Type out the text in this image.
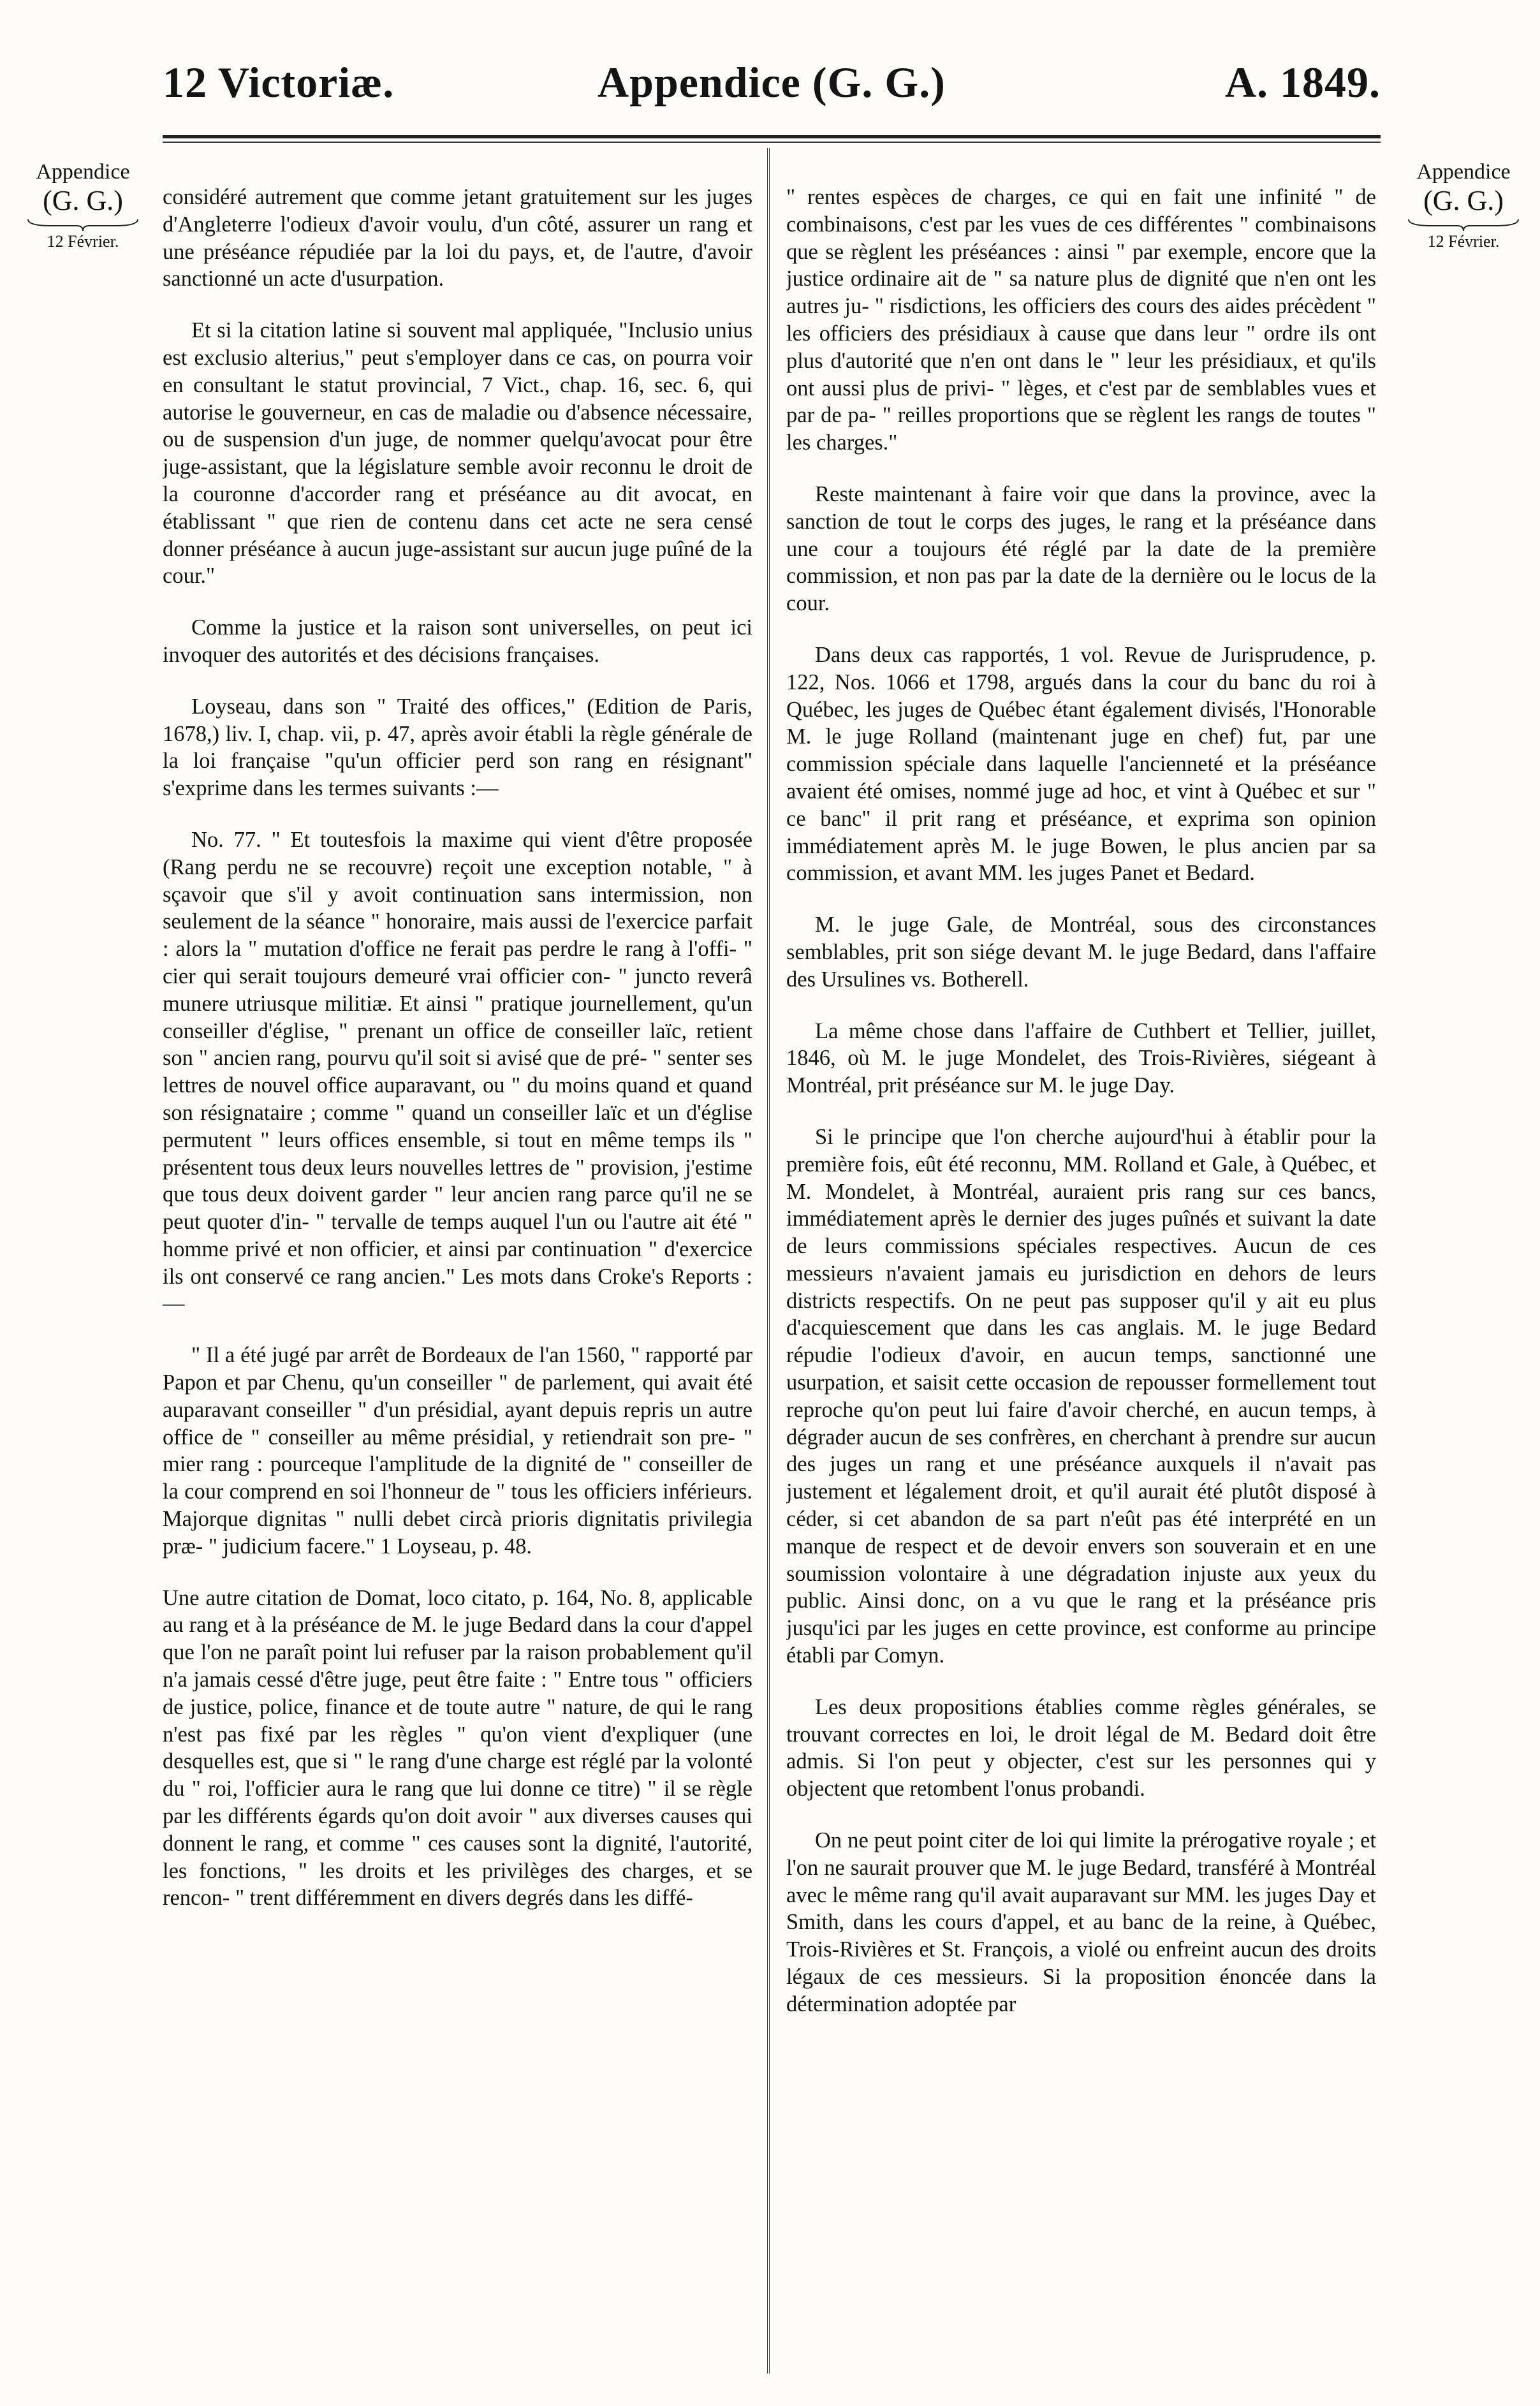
12 Victoriæ.	Appendice (G. G.)	A. 1849.
Appendice
(G. G.)
12 Février.
Appendice
(G. G.)
12 Février.

considéré autrement que comme jetant gratuitement sur les juges d'Angleterre l'odieux d'avoir voulu, d'un côté, assurer un rang et une préséance répudiée par la loi du pays, et, de l'autre, d'avoir sanctionné un acte d'usurpation.

Et si la citation latine si souvent mal appliquée, "Inclusio unius est exclusio alterius," peut s'employer dans ce cas, on pourra voir en consultant le statut provincial, 7 Vict., chap. 16, sec. 6, qui autorise le gouverneur, en cas de maladie ou d'absence nécessaire, ou de suspension d'un juge, de nommer quelqu'avocat pour être juge-assistant, que la législature semble avoir reconnu le droit de la couronne d'accorder rang et préséance au dit avocat, en établissant " que rien de contenu dans cet acte ne sera censé donner préséance à aucun juge-assistant sur aucun juge puîné de la cour."

Comme la justice et la raison sont universelles, on peut ici invoquer des autorités et des décisions françaises.

Loyseau, dans son " Traité des offices," (Edition de Paris, 1678,) liv. I, chap. vii, p. 47, après avoir établi la règle générale de la loi française "qu'un officier perd son rang en résignant" s'exprime dans les termes suivants :—

No. 77. " Et toutesfois la maxime qui vient d'être proposée (Rang perdu ne se recouvre) reçoit une exception notable, " à sçavoir que s'il y avoit continuation sans intermission, non seulement de la séance " honoraire, mais aussi de l'exercice parfait : alors la " mutation d'office ne ferait pas perdre le rang à l'offi- " cier qui serait toujours demeuré vrai officier con- " juncto reverâ munere utriusque militiæ. Et ainsi " pratique journellement, qu'un conseiller d'église, " prenant un office de conseiller laïc, retient son " ancien rang, pourvu qu'il soit si avisé que de pré- " senter ses lettres de nouvel office auparavant, ou " du moins quand et quand son résignataire ; comme " quand un conseiller laïc et un d'église permutent " leurs offices ensemble, si tout en même temps ils " présentent tous deux leurs nouvelles lettres de " provision, j'estime que tous deux doivent garder " leur ancien rang parce qu'il ne se peut quoter d'in- " tervalle de temps auquel l'un ou l'autre ait été " homme privé et non officier, et ainsi par continuation " d'exercice ils ont conservé ce rang ancien." Les mots dans Croke's Reports :—

" Il a été jugé par arrêt de Bordeaux de l'an 1560, " rapporté par Papon et par Chenu, qu'un conseiller " de parlement, qui avait été auparavant conseiller " d'un présidial, ayant depuis repris un autre office de " conseiller au même présidial, y retiendrait son pre- " mier rang : pourceque l'amplitude de la dignité de " conseiller de la cour comprend en soi l'honneur de " tous les officiers inférieurs. Majorque dignitas " nulli debet circà prioris dignitatis privilegia præ- " judicium facere." 1 Loyseau, p. 48.

Une autre citation de Domat, loco citato, p. 164, No. 8, applicable au rang et à la préséance de M. le juge Bedard dans la cour d'appel que l'on ne paraît point lui refuser par la raison probablement qu'il n'a jamais cessé d'être juge, peut être faite : " Entre tous " officiers de justice, police, finance et de toute autre " nature, de qui le rang n'est pas fixé par les règles " qu'on vient d'expliquer (une desquelles est, que si " le rang d'une charge est réglé par la volonté du " roi, l'officier aura le rang que lui donne ce titre) " il se règle par les différents égards qu'on doit avoir " aux diverses causes qui donnent le rang, et comme " ces causes sont la dignité, l'autorité, les fonctions, " les droits et les privilèges des charges, et se rencon- " trent différemment en divers degrés dans les diffé-

" rentes espèces de charges, ce qui en fait une infinité " de combinaisons, c'est par les vues de ces différentes " combinaisons que se règlent les préséances : ainsi " par exemple, encore que la justice ordinaire ait de " sa nature plus de dignité que n'en ont les autres ju- " risdictions, les officiers des cours des aides précèdent " les officiers des présidiaux à cause que dans leur " ordre ils ont plus d'autorité que n'en ont dans le " leur les présidiaux, et qu'ils ont aussi plus de privi- " lèges, et c'est par de semblables vues et par de pa- " reilles proportions que se règlent les rangs de toutes " les charges."

Reste maintenant à faire voir que dans la province, avec la sanction de tout le corps des juges, le rang et la préséance dans une cour a toujours été réglé par la date de la première commission, et non pas par la date de la dernière ou le locus de la cour.

Dans deux cas rapportés, 1 vol. Revue de Jurisprudence, p. 122, Nos. 1066 et 1798, argués dans la cour du banc du roi à Québec, les juges de Québec étant également divisés, l'Honorable M. le juge Rolland (maintenant juge en chef) fut, par une commission spéciale dans laquelle l'ancienneté et la préséance avaient été omises, nommé juge ad hoc, et vint à Québec et sur " ce banc" il prit rang et préséance, et exprima son opinion immédiatement après M. le juge Bowen, le plus ancien par sa commission, et avant MM. les juges Panet et Bedard.

M. le juge Gale, de Montréal, sous des circonstances semblables, prit son siége devant M. le juge Bedard, dans l'affaire des Ursulines vs. Botherell.

La même chose dans l'affaire de Cuthbert et Tellier, juillet, 1846, où M. le juge Mondelet, des Trois-Rivières, siégeant à Montréal, prit préséance sur M. le juge Day.

Si le principe que l'on cherche aujourd'hui à établir pour la première fois, eût été reconnu, MM. Rolland et Gale, à Québec, et M. Mondelet, à Montréal, auraient pris rang sur ces bancs, immédiatement après le dernier des juges puînés et suivant la date de leurs commissions spéciales respectives. Aucun de ces messieurs n'avaient jamais eu jurisdiction en dehors de leurs districts respectifs. On ne peut pas supposer qu'il y ait eu plus d'acquiescement que dans les cas anglais. M. le juge Bedard répudie l'odieux d'avoir, en aucun temps, sanctionné une usurpation, et saisit cette occasion de repousser formellement tout reproche qu'on peut lui faire d'avoir cherché, en aucun temps, à dégrader aucun de ses confrères, en cherchant à prendre sur aucun des juges un rang et une préséance auxquels il n'avait pas justement et légalement droit, et qu'il aurait été plutôt disposé à céder, si cet abandon de sa part n'eût pas été interprété en un manque de respect et de devoir envers son souverain et en une soumission volontaire à une dégradation injuste aux yeux du public. Ainsi donc, on a vu que le rang et la préséance pris jusqu'ici par les juges en cette province, est conforme au principe établi par Comyn.

Les deux propositions établies comme règles générales, se trouvant correctes en loi, le droit légal de M. Bedard doit être admis. Si l'on peut y objecter, c'est sur les personnes qui y objectent que retombent l'onus probandi.

On ne peut point citer de loi qui limite la prérogative royale ; et l'on ne saurait prouver que M. le juge Bedard, transféré à Montréal avec le même rang qu'il avait auparavant sur MM. les juges Day et Smith, dans les cours d'appel, et au banc de la reine, à Québec, Trois-Rivières et St. François, a violé ou enfreint aucun des droits légaux de ces messieurs. Si la proposition énoncée dans la détermination adoptée par
